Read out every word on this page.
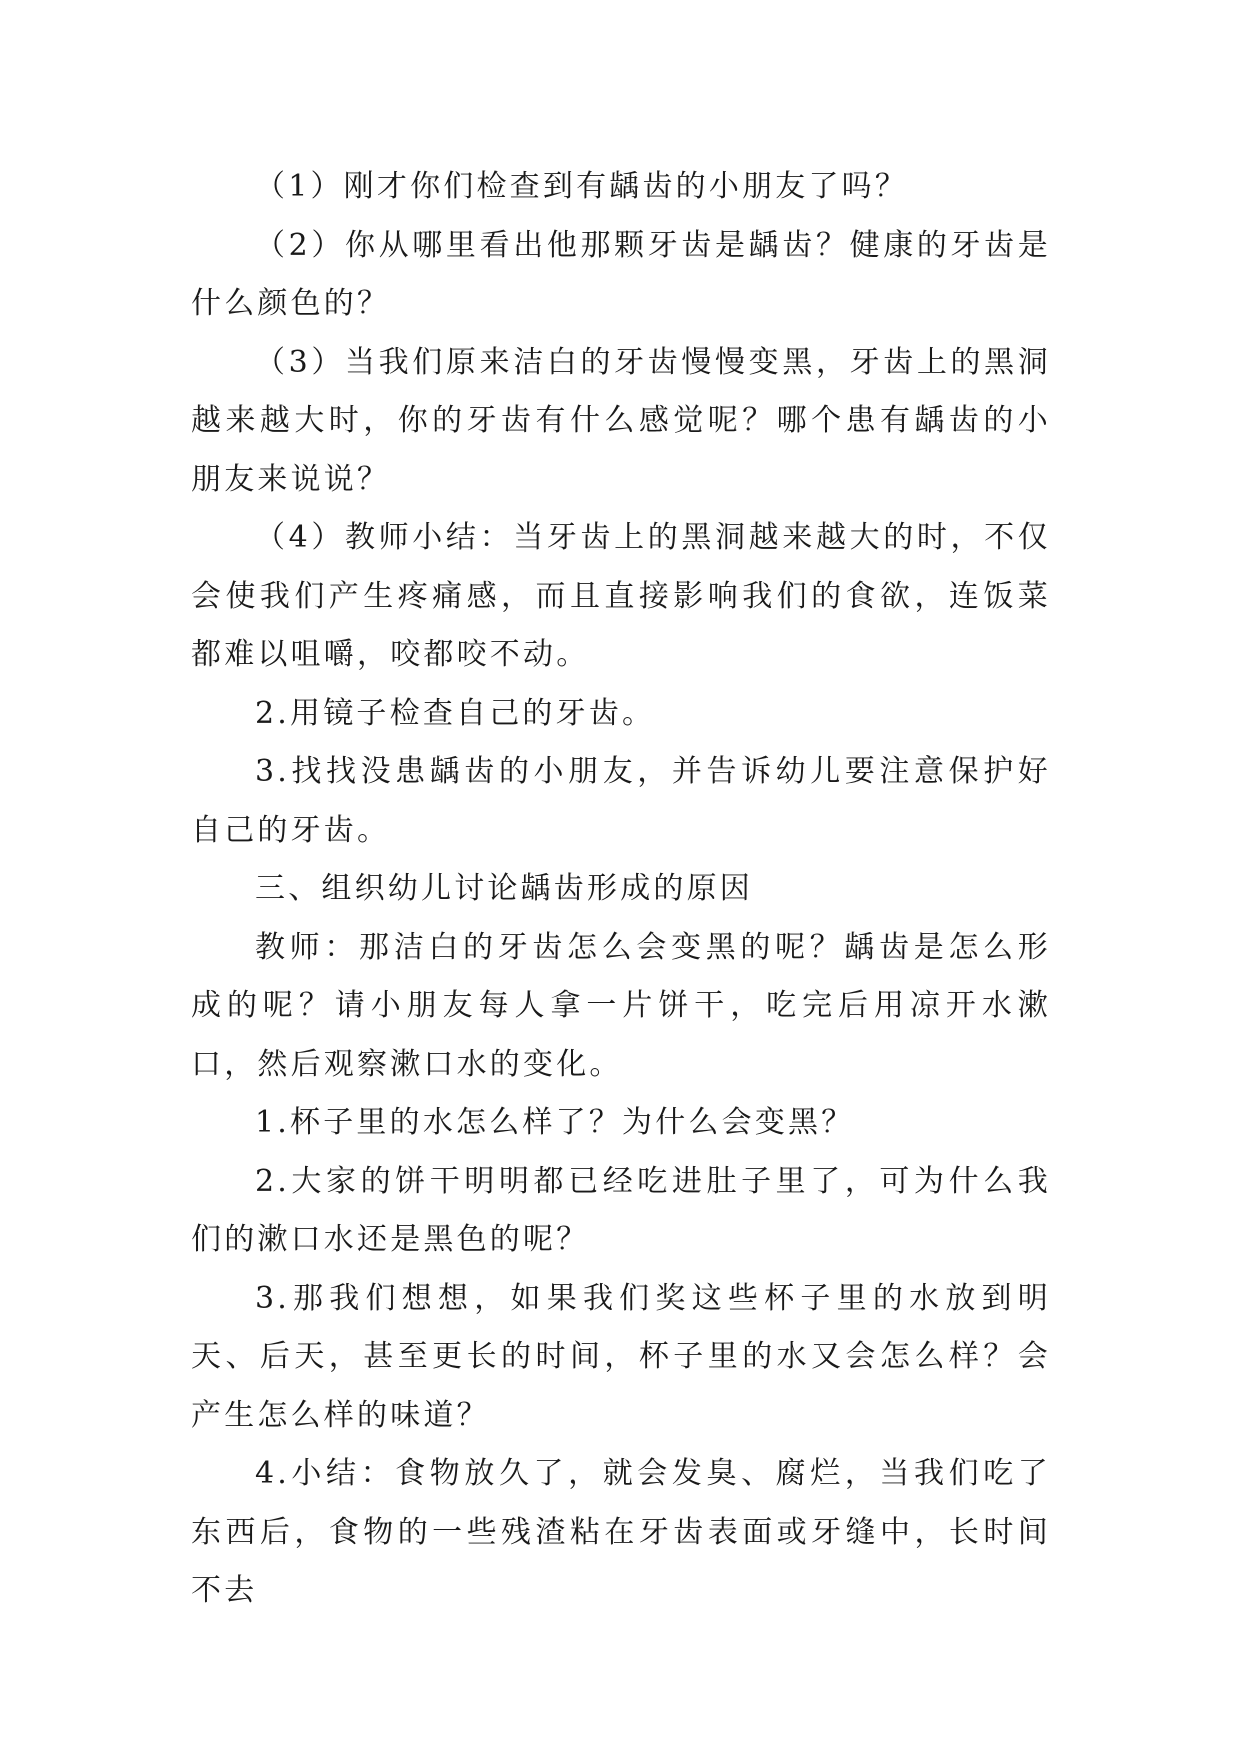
（1）刚才你们检查到有龋齿的小朋友了吗？

（2）你从哪里看出他那颗牙齿是龋齿？健康的牙齿是什么颜色的？

（3）当我们原来洁白的牙齿慢慢变黑，牙齿上的黑洞越来越大时，你的牙齿有什么感觉呢？哪个患有龋齿的小朋友来说说？

（4）教师小结：当牙齿上的黑洞越来越大的时，不仅会使我们产生疼痛感，而且直接影响我们的食欲，连饭菜都难以咀嚼，咬都咬不动。

2.用镜子检查自己的牙齿。

3.找找没患龋齿的小朋友，并告诉幼儿要注意保护好自己的牙齿。

三、组织幼儿讨论龋齿形成的原因

教师：那洁白的牙齿怎么会变黑的呢？龋齿是怎么形成的呢？请小朋友每人拿一片饼干，吃完后用凉开水漱口，然后观察漱口水的变化。

1.杯子里的水怎么样了？为什么会变黑？

2.大家的饼干明明都已经吃进肚子里了，可为什么我们的漱口水还是黑色的呢？

3.那我们想想，如果我们奖这些杯子里的水放到明天、后天，甚至更长的时间，杯子里的水又会怎么样？会产生怎么样的味道？

4.小结：食物放久了，就会发臭、腐烂，当我们吃了东西后，食物的一些残渣粘在牙齿表面或牙缝中，长时间不去
